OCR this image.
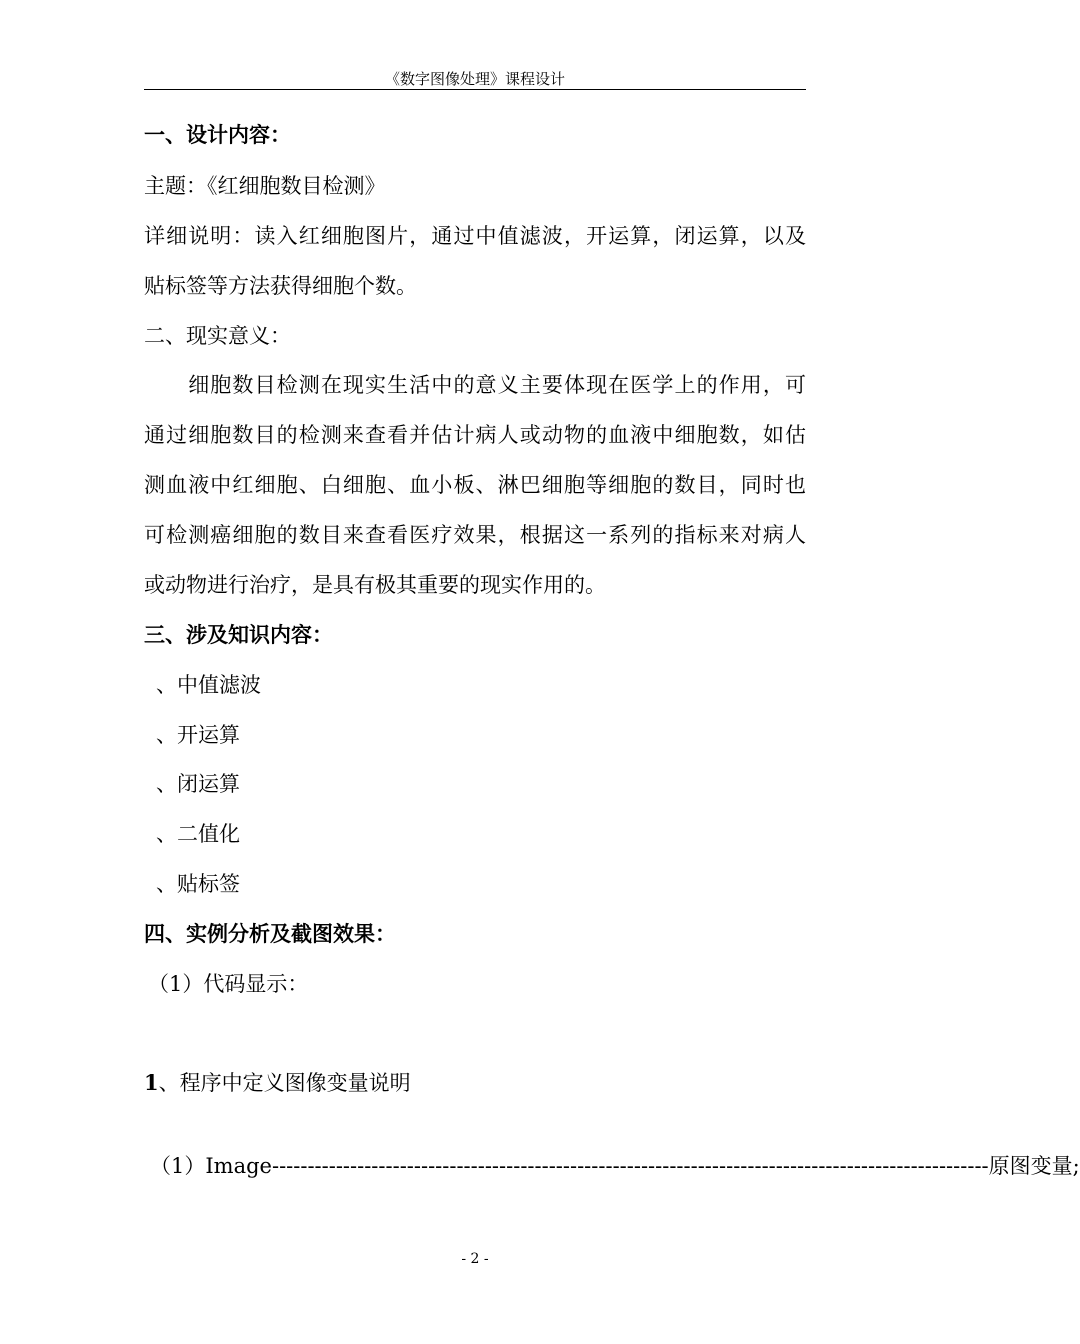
《数字图像处理》课程设计
一、设计内容：
主题：《红细胞数目检测》
详细说明：读入红细胞图片，通过中值滤波，开运算，闭运算，以及
贴标签等方法获得细胞个数。
二、现实意义：
　　细胞数目检测在现实生活中的意义主要体现在医学上的作用，可
通过细胞数目的检测来查看并估计病人或动物的血液中细胞数，如估
测血液中红细胞、白细胞、血小板、淋巴细胞等细胞的数目，同时也
可检测癌细胞的数目来查看医疗效果，根据这一系列的指标来对病人
或动物进行治疗，是具有极其重要的现实作用的。
三、涉及知识内容：
、中值滤波
、开运算
、闭运算
、二值化
、贴标签
四、实例分析及截图效果：
（1）代码显示：
1、程序中定义图像变量说明
（1）Image ----------------------------------------------------------------------------------------------------- 原图变量;
- 2 -
